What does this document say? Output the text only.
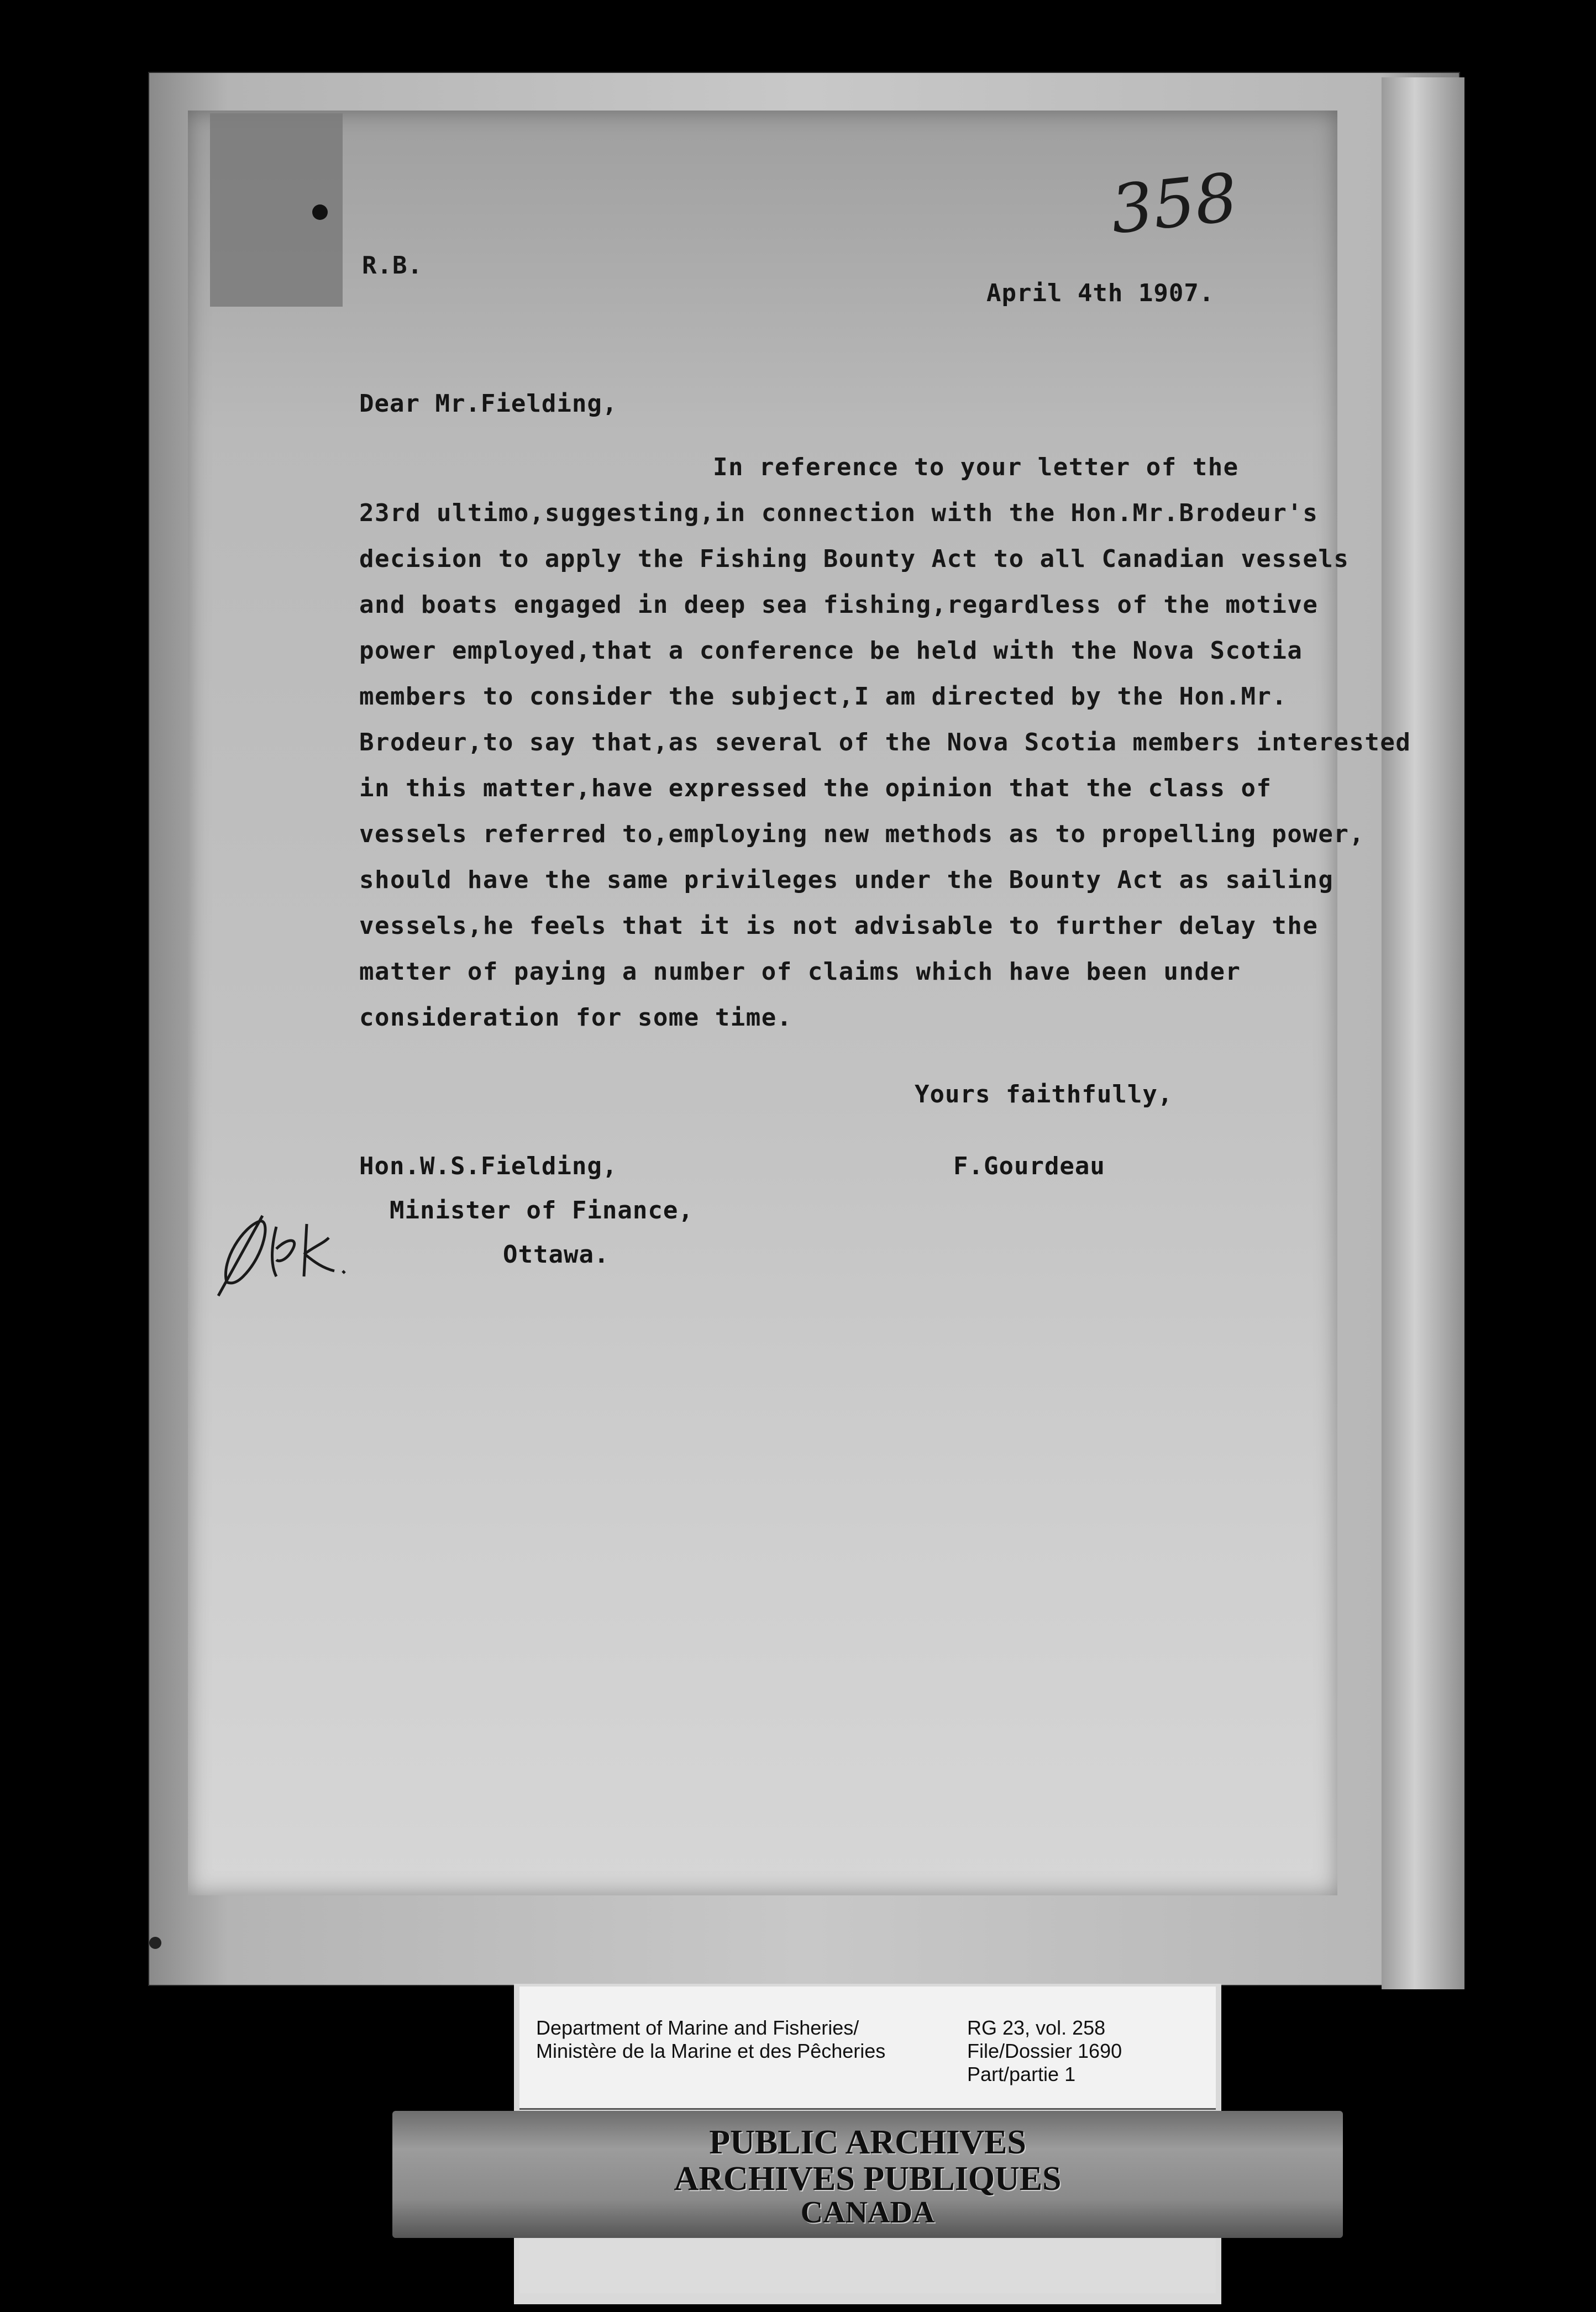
358
R.B.
April 4th 1907.
Dear Mr.Fielding,
In reference to your letter of the
23rd ultimo,suggesting,in connection with the Hon.Mr.Brodeur's
decision to apply the Fishing Bounty Act to all Canadian vessels
and boats engaged in deep sea fishing,regardless of the motive
power employed,that a conference be held with the Nova Scotia
members to consider the subject,I am directed by the Hon.Mr.
Brodeur,to say that,as several of the Nova Scotia members interested
in this matter,have expressed the opinion that the class of
vessels referred to,employing new methods as to propelling power,
should have the same privileges under the Bounty Act as sailing
vessels,he feels that it is not advisable to further delay the
matter of paying a number of claims which have been under
consideration for some time.
Yours faithfully,
F.Gourdeau
Hon.W.S.Fielding,
Minister of Finance,
Ottawa.
Department of Marine and Fisheries/
Ministère de la Marine et des Pêcheries
RG 23, vol. 258
File/Dossier 1690
Part/partie 1
PUBLIC ARCHIVES
ARCHIVES PUBLIQUES
CANADA
